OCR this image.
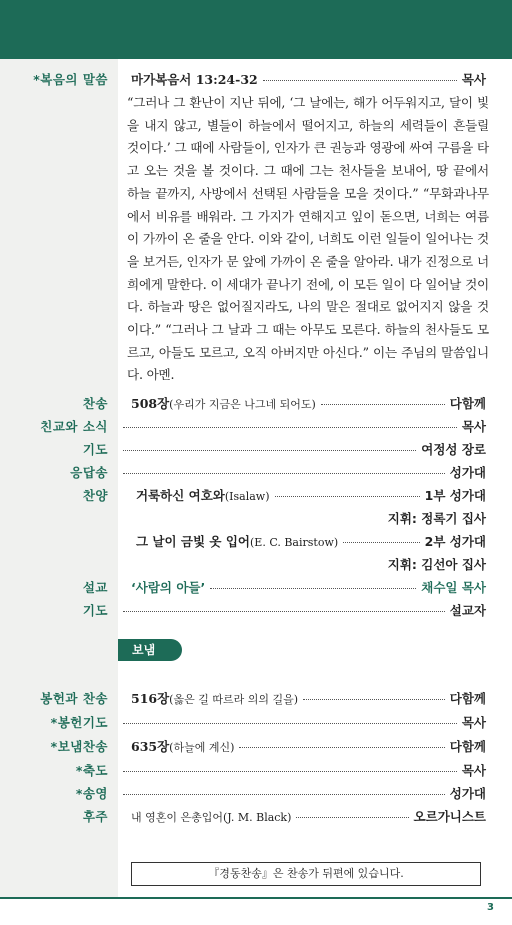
*복음의 말씀 마가복음서 13:24-32	목사
“그러나 그 환난이 지난 뒤에, ‘그 날에는, 해가 어두워지고, 달이 빛을 내지 않고, 별들이 하늘에서 떨어지고, 하늘의 세력들이 흔들릴 것이다.’ 그 때에 사람들이, 인자가 큰 권능과 영광에 싸여 구름을 타고 오는 것을 볼 것이다. 그 때에 그는 천사들을 보내어, 땅 끝에서 하늘 끝까지, 사방에서 선택된 사람들을 모을 것이다.” “무화과나무에서 비유를 배워라. 그 가지가 연해지고 잎이 돋으면, 너희는 여름이 가까이 온 줄을 안다. 이와 같이, 너희도 이런 일들이 일어나는 것을 보거든, 인자가 문 앞에 가까이 온 줄을 알아라. 내가 진정으로 너희에게 말한다. 이 세대가 끝나기 전에, 이 모든 일이 다 일어날 것이다. 하늘과 땅은 없어질지라도, 나의 말은 절대로 없어지지 않을 것이다.” “그러나 그 날과 그 때는 아무도 모른다. 하늘의 천사들도 모르고, 아들도 모르고, 오직 아버지만 아신다.” 이는 주님의 말씀입니다. 아멘.
찬송 508장 (우리가 지금은 나그네 되어도)	다함께
친교와 소식	목사
기도	여정성 장로
응답송	성가대
찬양 거룩하신 여호와 (Isalaw)	1부 성가대
지휘: 정록기 집사
그 날이 금빛 옷 입어 (E. C. Bairstow)	2부 성가대
지휘: 김선아 집사
설교 ‘사람의 아들’	채수일 목사
기도	설교자
보냄
봉헌과 찬송 516장 (옳은 길 따르라 의의 길을)	다함께
*봉헌기도	목사
*보냄찬송 635장 (하늘에 계신)	다함께
*축도	목사
*송영	성가대
후주 내 영혼이 은총입어 (J. M. Black)	오르가니스트
『경동찬송』은 찬송가 뒤편에 있습니다.
3
